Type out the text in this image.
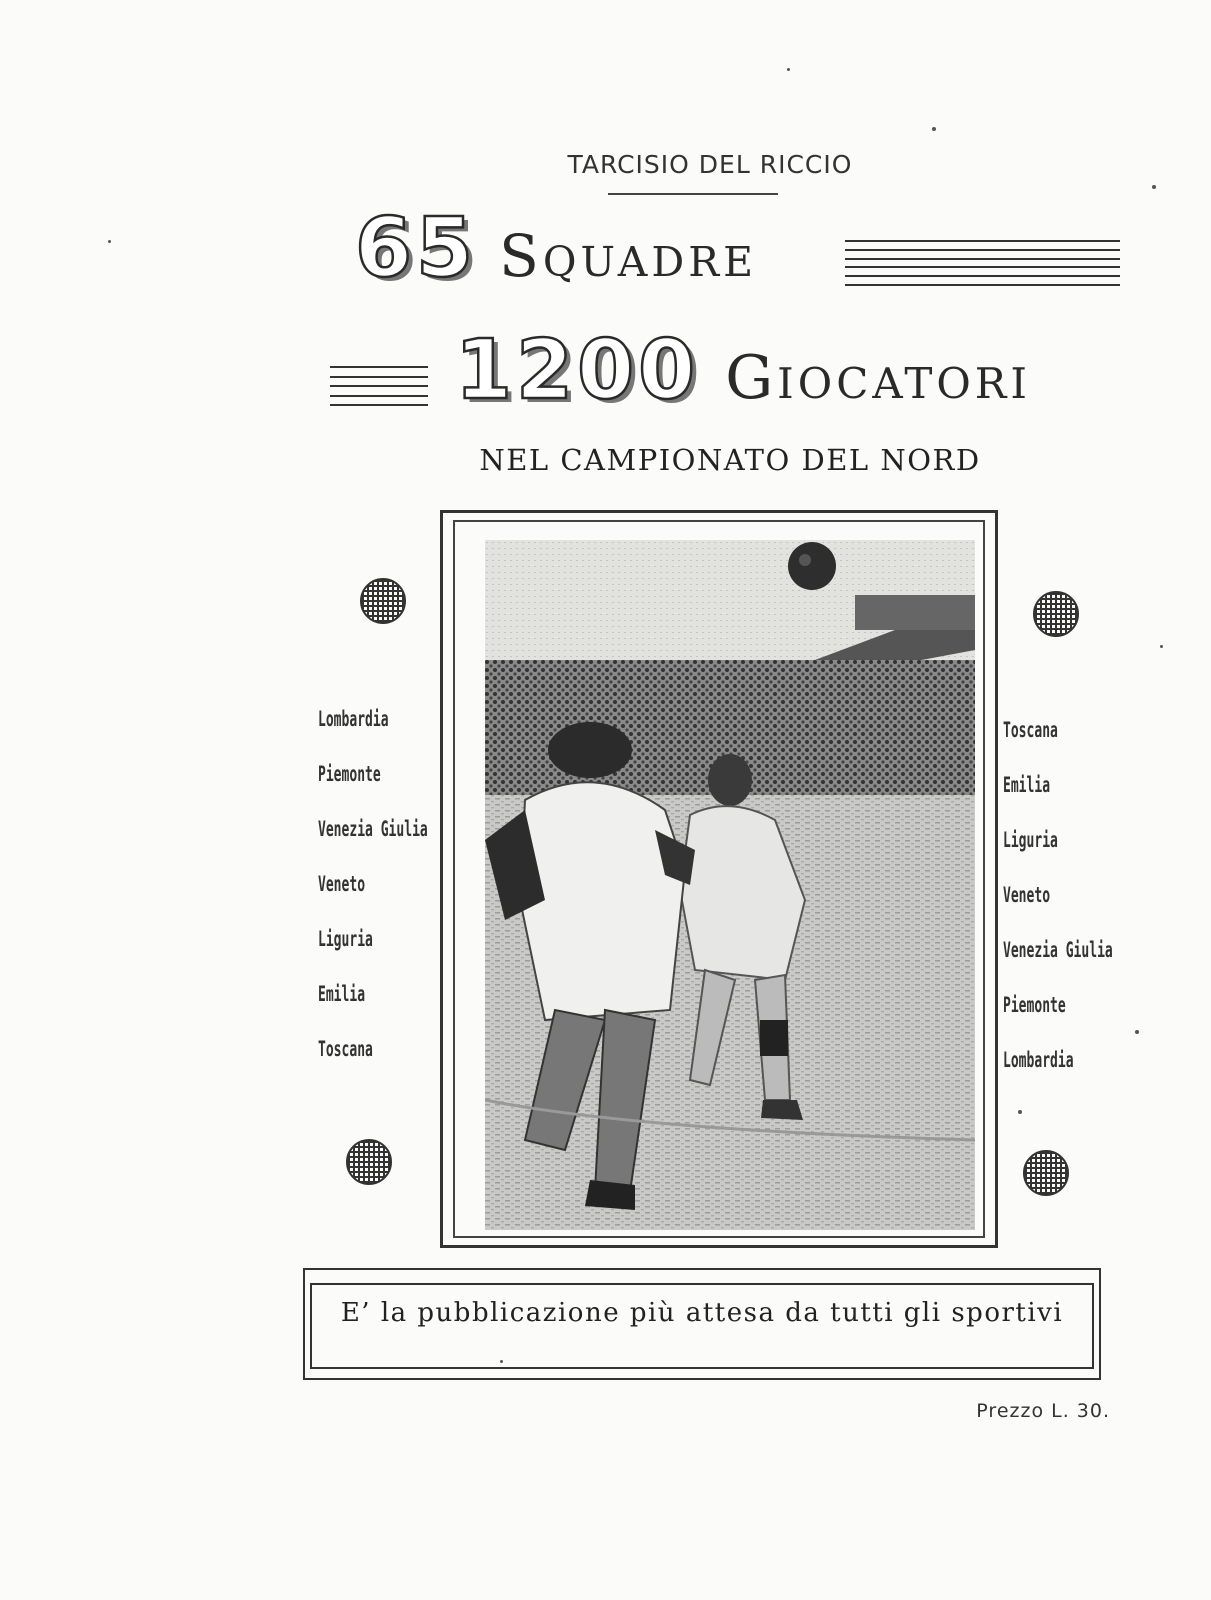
TARCISIO DEL RICCIO
65 Squadre
1200 Giocatori
NEL CAMPIONATO DEL NORD
Lombardia
Piemonte
Venezia Giulia
Veneto
Liguria
Emilia
Toscana
Toscana
Emilia
Liguria
Veneto
Venezia Giulia
Piemonte
Lombardia
E’ la pubblicazione più attesa da tutti gli sportivi
Prezzo L. 30.
